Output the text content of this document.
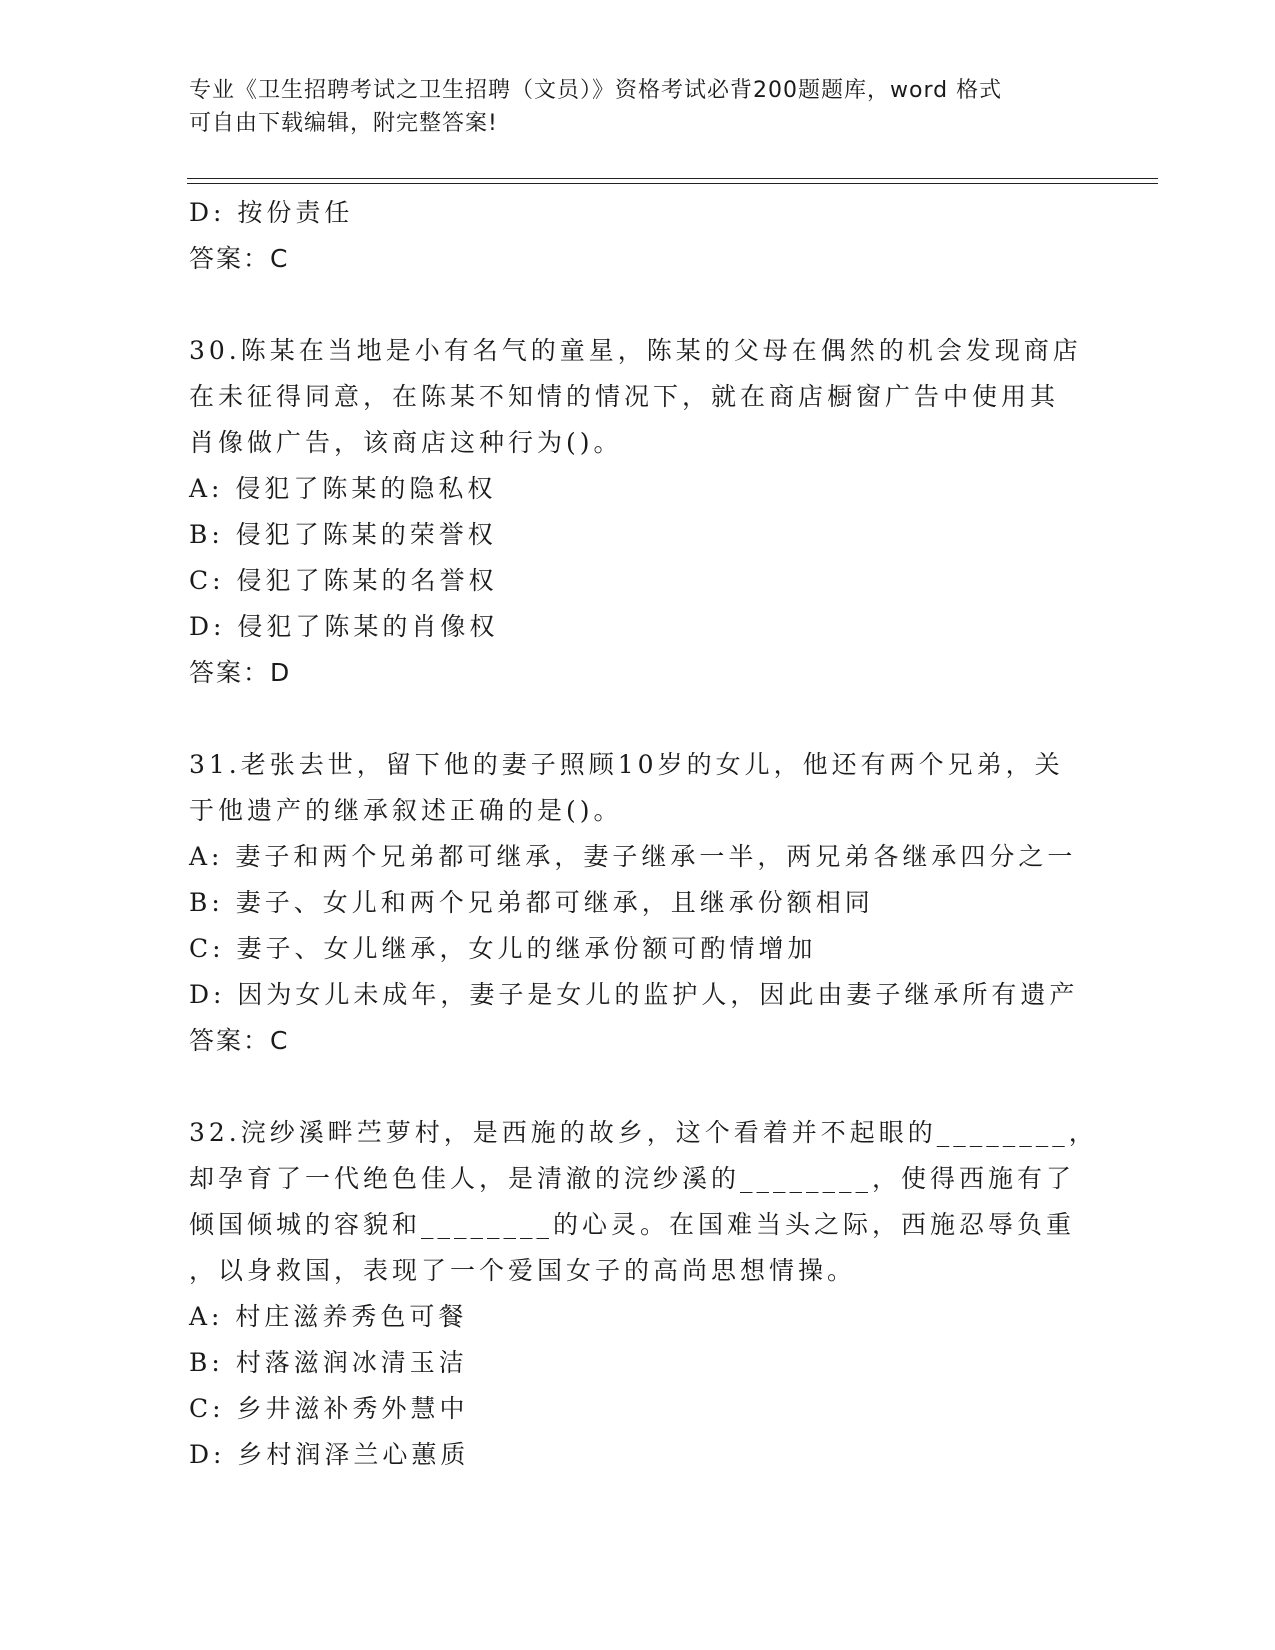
专业《卫生招聘考试之卫生招聘（文员）》资格考试必背200题题库，word 格式
可自由下载编辑，附完整答案!
D: 按份责任
答案：C
30.陈某在当地是小有名气的童星，陈某的父母在偶然的机会发现商店
在未征得同意，在陈某不知情的情况下，就在商店橱窗广告中使用其
肖像做广告，该商店这种行为()。
A: 侵犯了陈某的隐私权
B: 侵犯了陈某的荣誉权
C: 侵犯了陈某的名誉权
D: 侵犯了陈某的肖像权
答案：D
31.老张去世，留下他的妻子照顾10岁的女儿，他还有两个兄弟，关
于他遗产的继承叙述正确的是()。
A: 妻子和两个兄弟都可继承，妻子继承一半，两兄弟各继承四分之一
B: 妻子、女儿和两个兄弟都可继承，且继承份额相同
C: 妻子、女儿继承，女儿的继承份额可酌情增加
D: 因为女儿未成年，妻子是女儿的监护人，因此由妻子继承所有遗产
答案：C
32.浣纱溪畔苎萝村，是西施的故乡，这个看着并不起眼的________，
却孕育了一代绝色佳人，是清澈的浣纱溪的________，使得西施有了
倾国倾城的容貌和________的心灵。在国难当头之际，西施忍辱负重
，以身救国，表现了一个爱国女子的高尚思想情操。
A: 村庄滋养秀色可餐
B: 村落滋润冰清玉洁
C: 乡井滋补秀外慧中
D: 乡村润泽兰心蕙质
